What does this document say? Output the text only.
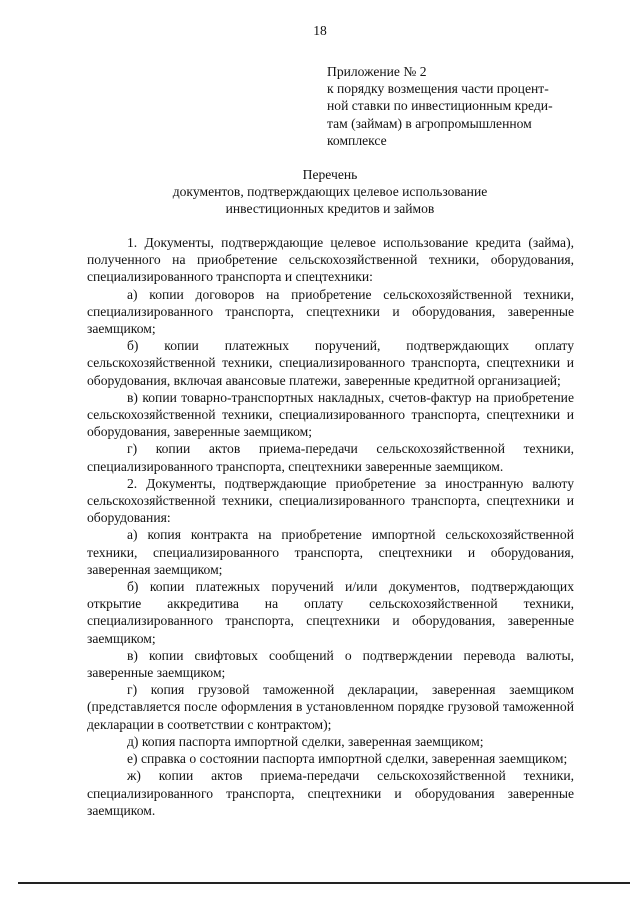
18
Приложение № 2
к порядку возмещения части процент-
ной ставки по инвестиционным креди-
там (займам) в агропромышленном
комплексе
Перечень
документов, подтверждающих целевое использование
инвестиционных кредитов и займов

1. Документы, подтверждающие целевое использование кредита (займа), полученного на приобретение сельскохозяйственной техники, оборудования, специализированного транспорта и спецтехники:

а) копии договоров на приобретение сельскохозяйственной техники, специализированного транспорта, спецтехники и оборудования, заверенные заемщиком;

б) копии платежных поручений, подтверждающих оплату сельскохозяйственной техники, специализированного транспорта, спецтехники и оборудования, включая авансовые платежи, заверенные кредитной организацией;

в) копии товарно-транспортных накладных, счетов-фактур на приобретение сельскохозяйственной техники, специализированного транспорта, спецтехники и оборудования, заверенные заемщиком;

г) копии актов приема-передачи сельскохозяйственной техники, специализированного транспорта, спецтехники заверенные заемщиком.

2. Документы, подтверждающие приобретение за иностранную валюту сельскохозяйственной техники, специализированного транспорта, спецтехники и оборудования:

а) копия контракта на приобретение импортной сельскохозяйственной техники, специализированного транспорта, спецтехники и оборудования, заверенная заемщиком;

б) копии платежных поручений и/или документов, подтверждающих открытие аккредитива на оплату сельскохозяйственной техники, специализированного транспорта, спецтехники и оборудования, заверенные заемщиком;

в) копии свифтовых сообщений о подтверждении перевода валюты, заверенные заемщиком;

г) копия грузовой таможенной декларации, заверенная заемщиком (представляется после оформления в установленном порядке грузовой таможенной декларации в соответствии с контрактом);

д) копия паспорта импортной сделки, заверенная заемщиком;

е) справка о состоянии паспорта импортной сделки, заверенная заемщиком;

ж) копии актов приема-передачи сельскохозяйственной техники, специализированного транспорта, спецтехники и оборудования заверенные заемщиком.
